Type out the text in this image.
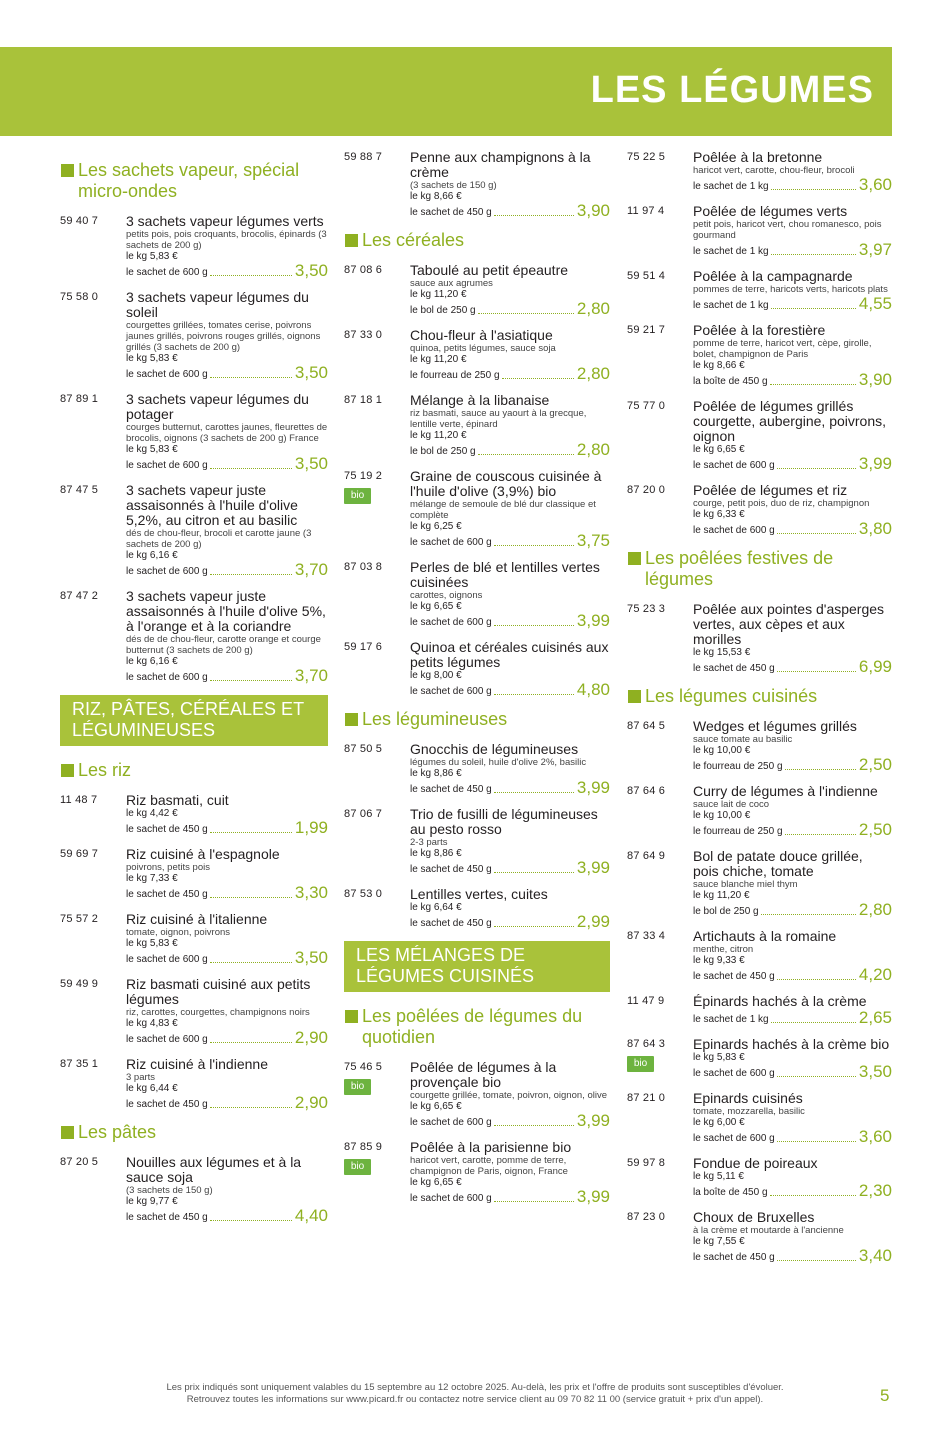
LES LÉGUMES
Les sachets vapeur, spécial micro-ondes
59 40 7 3 sachets vapeur légumes verts
petits pois, pois croquants, brocolis, épinards (3 sachets de 200 g)
le kg 5,83 €
le sachet de 600 g	3,50
75 58 0 3 sachets vapeur légumes du soleil
courgettes grillées, tomates cerise, poivrons jaunes grillés, poivrons rouges grillés, oignons grillés (3 sachets de 200 g)
le kg 5,83 €
le sachet de 600 g	3,50
87 89 1 3 sachets vapeur légumes du potager
courges butternut, carottes jaunes, fleurettes de brocolis, oignons (3 sachets de 200 g) France
le kg 5,83 €
le sachet de 600 g	3,50
87 47 5 3 sachets vapeur juste assaisonnés à l'huile d'olive 5,2%, au citron et au basilic
dés de chou-fleur, brocoli et carotte jaune (3 sachets de 200 g)
le kg 6,16 €
le sachet de 600 g	3,70
87 47 2 3 sachets vapeur juste assaisonnés à l'huile d'olive 5%, à l'orange et à la coriandre
dés de de chou-fleur, carotte orange et courge butternut (3 sachets de 200 g)
le kg 6,16 €
le sachet de 600 g	3,70
RIZ, PÂTES, CÉRÉALES ET LÉGUMINEUSES
Les riz
11 48 7 Riz basmati, cuit
le kg 4,42 €
le sachet de 450 g	1,99
59 69 7 Riz cuisiné à l'espagnole
poivrons, petits pois
le kg 7,33 €
le sachet de 450 g	3,30
75 57 2 Riz cuisiné à l'italienne
tomate, oignon, poivrons
le kg 5,83 €
le sachet de 600 g	3,50
59 49 9 Riz basmati cuisiné aux petits légumes
riz, carottes, courgettes, champignons noirs
le kg 4,83 €
le sachet de 600 g	2,90
87 35 1 Riz cuisiné à l'indienne
3 parts
le kg 6,44 €
le sachet de 450 g	2,90
Les pâtes
87 20 5 Nouilles aux légumes et à la sauce soja
(3 sachets de 150 g)
le kg 9,77 €
le sachet de 450 g	4,40
59 88 7 Penne aux champignons à la crème
(3 sachets de 150 g)
le kg 8,66 €
le sachet de 450 g	3,90
Les céréales
87 08 6 Taboulé au petit épeautre
sauce aux agrumes
le kg 11,20 €
le bol de 250 g	2,80
87 33 0 Chou-fleur à l'asiatique
quinoa, petits légumes, sauce soja
le kg 11,20 €
le fourreau de 250 g	2,80
87 18 1 Mélange à la libanaise
riz basmati, sauce au yaourt à la grecque, lentille verte, épinard
le kg 11,20 €
le bol de 250 g	2,80
75 19 2
bio
Graine de couscous cuisinée à l'huile d'olive (3,9%) bio
mélange de semoule de blé dur classique et complète
le kg 6,25 €
le sachet de 600 g	3,75
87 03 8 Perles de blé et lentilles vertes cuisinées
carottes, oignons
le kg 6,65 €
le sachet de 600 g	3,99
59 17 6 Quinoa et céréales cuisinés aux petits légumes
le kg 8,00 €
le sachet de 600 g	4,80
Les légumineuses
87 50 5 Gnocchis de légumineuses
légumes du soleil, huile d'olive 2%, basilic
le kg 8,86 €
le sachet de 450 g	3,99
87 06 7 Trio de fusilli de légumineuses au pesto rosso
2-3 parts
le kg 8,86 €
le sachet de 450 g	3,99
87 53 0 Lentilles vertes, cuites
le kg 6,64 €
le sachet de 450 g	2,99
LES MÉLANGES DE LÉGUMES CUISINÉS
Les poêlées de légumes du quotidien
75 46 5
bio
Poêlée de légumes à la provençale bio
courgette grillée, tomate, poivron, oignon, olive
le kg 6,65 €
le sachet de 600 g	3,99
87 85 9
bio
Poêlée à la parisienne bio
haricot vert, carotte, pomme de terre, champignon de Paris, oignon, France
le kg 6,65 €
le sachet de 600 g	3,99
75 22 5 Poêlée à la bretonne
haricot vert, carotte, chou-fleur, brocoli
le sachet de 1 kg	3,60
11 97 4 Poêlée de légumes verts
petit pois, haricot vert, chou romanesco, pois gourmand
le sachet de 1 kg	3,97
59 51 4 Poêlée à la campagnarde
pommes de terre, haricots verts, haricots plats
le sachet de 1 kg	4,55
59 21 7 Poêlée à la forestière
pomme de terre, haricot vert, cèpe, girolle, bolet, champignon de Paris
le kg 8,66 €
la boîte de 450 g	3,90
75 77 0 Poêlée de légumes grillés courgette, aubergine, poivrons, oignon
le kg 6,65 €
le sachet de 600 g	3,99
87 20 0 Poêlée de légumes et riz
courge, petit pois, duo de riz, champignon
le kg 6,33 €
le sachet de 600 g	3,80
Les poêlées festives de légumes
75 23 3 Poêlée aux pointes d'asperges vertes, aux cèpes et aux morilles
le kg 15,53 €
le sachet de 450 g	6,99
Les légumes cuisinés
87 64 5 Wedges et légumes grillés
sauce tomate au basilic
le kg 10,00 €
le fourreau de 250 g	2,50
87 64 6 Curry de légumes à l'indienne
sauce lait de coco
le kg 10,00 €
le fourreau de 250 g	2,50
87 64 9 Bol de patate douce grillée, pois chiche, tomate
sauce blanche miel thym
le kg 11,20 €
le bol de 250 g	2,80
87 33 4 Artichauts à la romaine
menthe, citron
le kg 9,33 €
le sachet de 450 g	4,20
11 47 9 Épinards hachés à la crème
le sachet de 1 kg	2,65
87 64 3
bio
Epinards hachés à la crème bio
le kg 5,83 €
le sachet de 600 g	3,50
87 21 0 Epinards cuisinés
tomate, mozzarella, basilic
le kg 6,00 €
le sachet de 600 g	3,60
59 97 8 Fondue de poireaux
le kg 5,11 €
la boîte de 450 g	2,30
87 23 0 Choux de Bruxelles
à la crème et moutarde à l'ancienne
le kg 7,55 €
le sachet de 450 g	3,40
Les prix indiqués sont uniquement valables du 15 septembre au 12 octobre 2025. Au-delà, les prix et l'offre de produits sont susceptibles d'évoluer.
Retrouvez toutes les informations sur www.picard.fr ou contactez notre service client au 09 70 82 11 00 (service gratuit + prix d'un appel).	5
